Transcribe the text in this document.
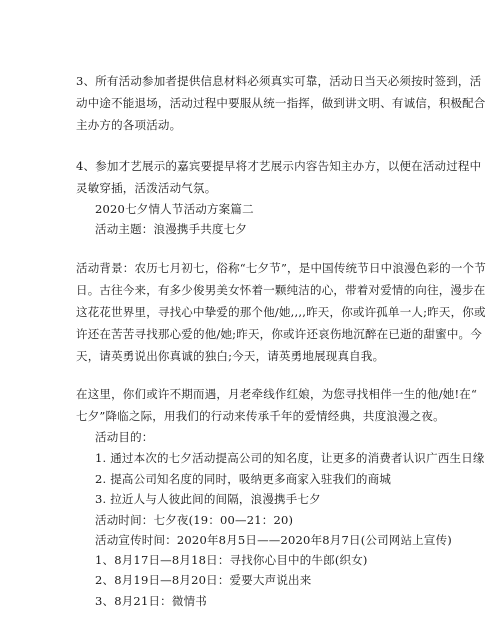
3、所有活动参加者提供信息材料必须真实可靠，活动日当天必须按时签到，活
动中途不能退场，活动过程中要服从统一指挥，做到讲文明、有诚信，积极配合
主办方的各项活动。
4、参加才艺展示的嘉宾要提早将才艺展示内容告知主办方，以便在活动过程中
灵敏穿插，活泼活动气氛。
2020七夕情人节活动方案篇二
活动主题：浪漫携手共度七夕
活动背景：农历七月初七，俗称“七夕节”，是中国传统节日中浪漫色彩的一个节
日。古往今来，有多少俊男美女怀着一颗纯洁的心，带着对爱情的向往，漫步在
这花花世界里，寻找心中挚爱的那个他/她,,,,昨天，你或许孤单一人;昨天，你或
许还在苦苦寻找那心爱的他/她;昨天，你或许还哀伤地沉醉在已逝的甜蜜中。今
天，请英勇说出你真诚的独白;今天，请英勇地展现真自我。
在这里，你们或许不期而遇，月老牵线作红娘，为您寻找相伴一生的他/她!在“
七夕”降临之际，用我们的行动来传承千年的爱情经典，共度浪漫之夜。
活动目的：
1. 通过本次的七夕活动提高公司的知名度，让更多的消费者认识广西生日缘
2. 提高公司知名度的同时，吸纳更多商家入驻我们的商城
3. 拉近人与人彼此间的间隔，浪漫携手七夕
活动时间：七夕夜(19：00—21：20)
活动宣传时间：2020年8月5日——2020年8月7日(公司网站上宣传)
1、8月17日—8月18日：寻找你心目中的牛郎(织女)
2、8月19日—8月20日：爱要大声说出来
3、8月21日：微情书
